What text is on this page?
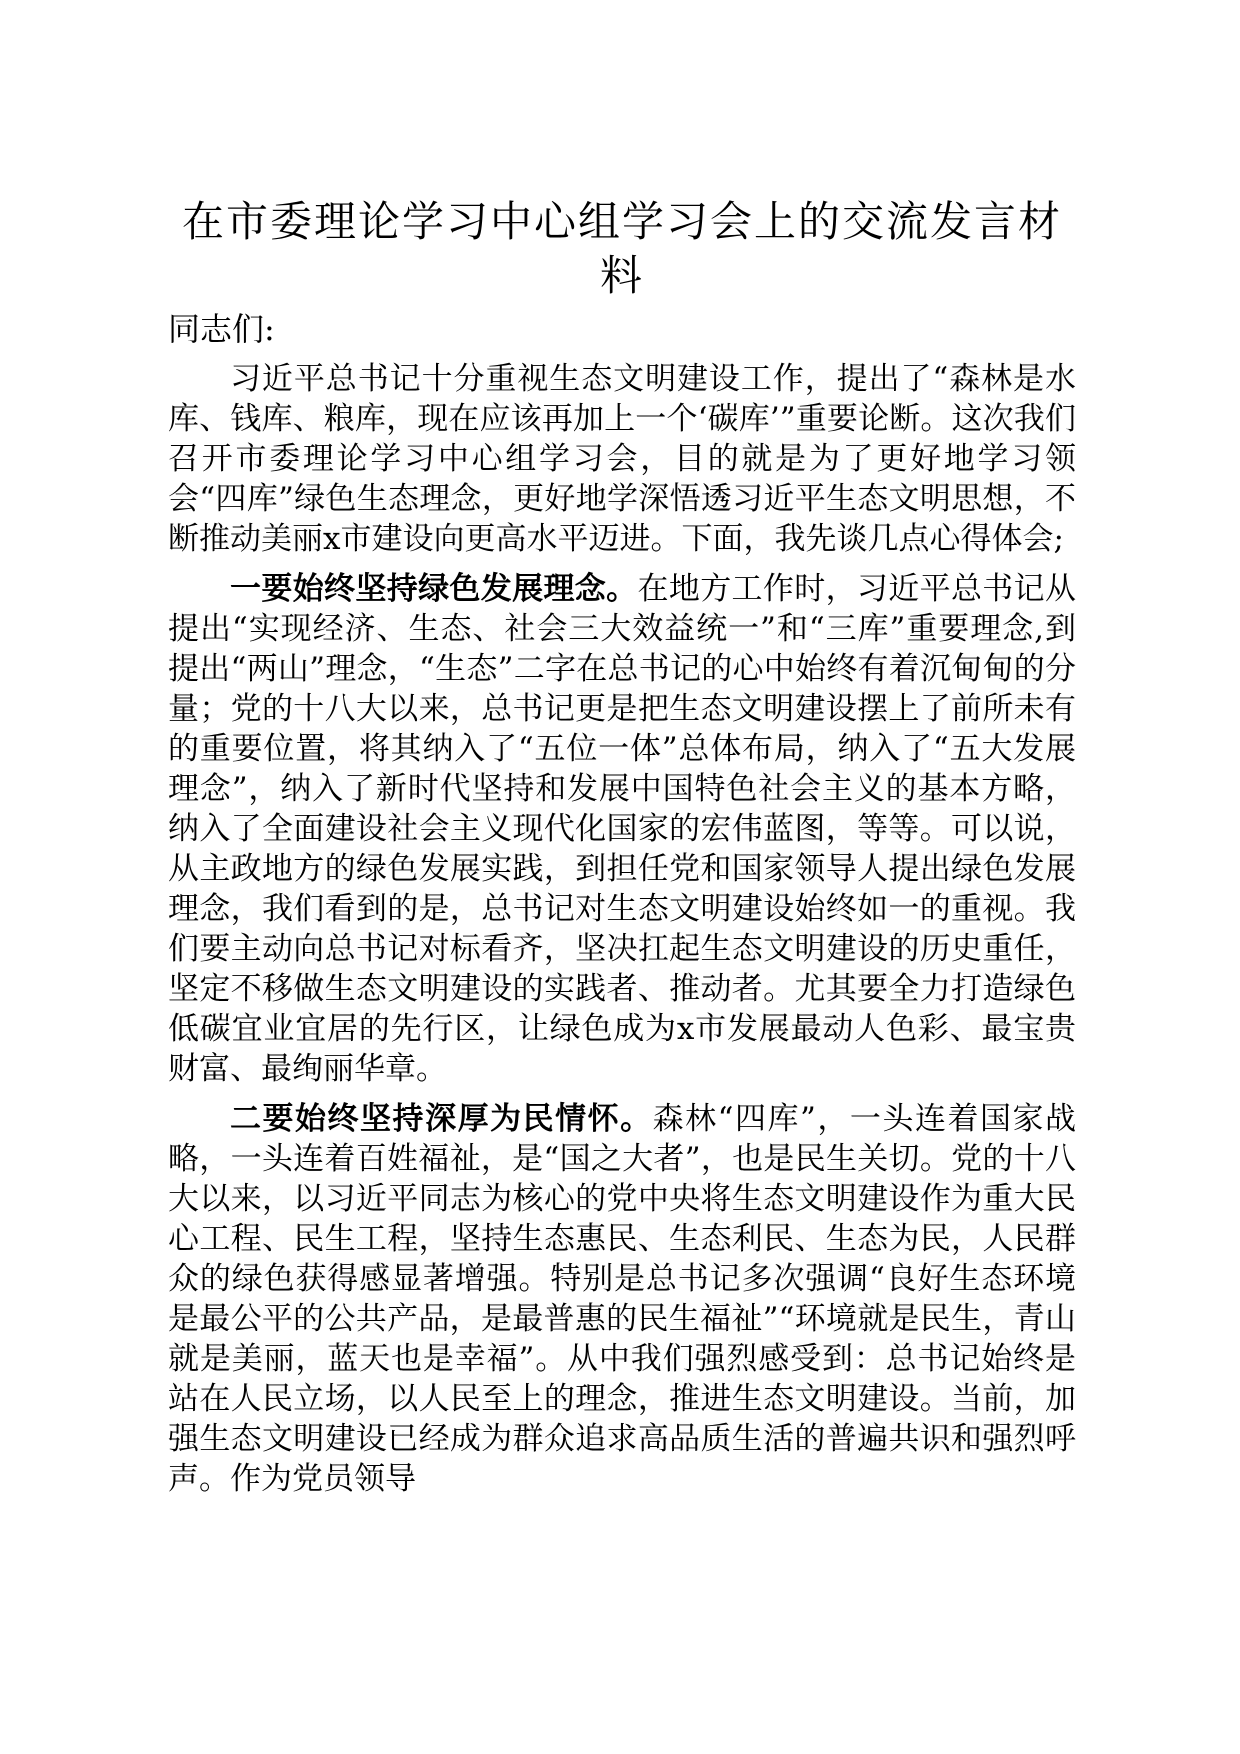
在市委理论学习中心组学习会上的交流发言材料

同志们:

习近平总书记十分重视生态文明建设工作，提出了“森林是水库、钱库、粮库，现在应该再加上一个‘碳库’”重要论断。这次我们召开市委理论学习中心组学习会，目的就是为了更好地学习领会“四库”绿色生态理念，更好地学深悟透习近平生态文明思想，不断推动美丽x市建设向更高水平迈进。下面，我先谈几点心得体会;

一要始终坚持绿色发展理念。在地方工作时，习近平总书记从提出“实现经济、生态、社会三大效益统一”和“三库”重要理念,到提出“两山”理念，“生态”二字在总书记的心中始终有着沉甸甸的分量；党的十八大以来，总书记更是把生态文明建设摆上了前所未有的重要位置，将其纳入了“五位一体”总体布局，纳入了“五大发展理念”，纳入了新时代坚持和发展中国特色社会主义的基本方略，纳入了全面建设社会主义现代化国家的宏伟蓝图，等等。可以说，从主政地方的绿色发展实践，到担任党和国家领导人提出绿色发展理念，我们看到的是，总书记对生态文明建设始终如一的重视。我们要主动向总书记对标看齐，坚决扛起生态文明建设的历史重任，坚定不移做生态文明建设的实践者、推动者。尤其要全力打造绿色低碳宜业宜居的先行区，让绿色成为x市发展最动人色彩、最宝贵财富、最绚丽华章。

二要始终坚持深厚为民情怀。森林“四库”，一头连着国家战略，一头连着百姓福祉，是“国之大者”，也是民生关切。党的十八大以来，以习近平同志为核心的党中央将生态文明建设作为重大民心工程、民生工程，坚持生态惠民、生态利民、生态为民，人民群众的绿色获得感显著增强。特别是总书记多次强调“良好生态环境是最公平的公共产品，是最普惠的民生福祉”“环境就是民生，青山就是美丽，蓝天也是幸福”。从中我们强烈感受到：总书记始终是站在人民立场，以人民至上的理念，推进生态文明建设。当前，加强生态文明建设已经成为群众追求高品质生活的普遍共识和强烈呼声。作为党员领导
